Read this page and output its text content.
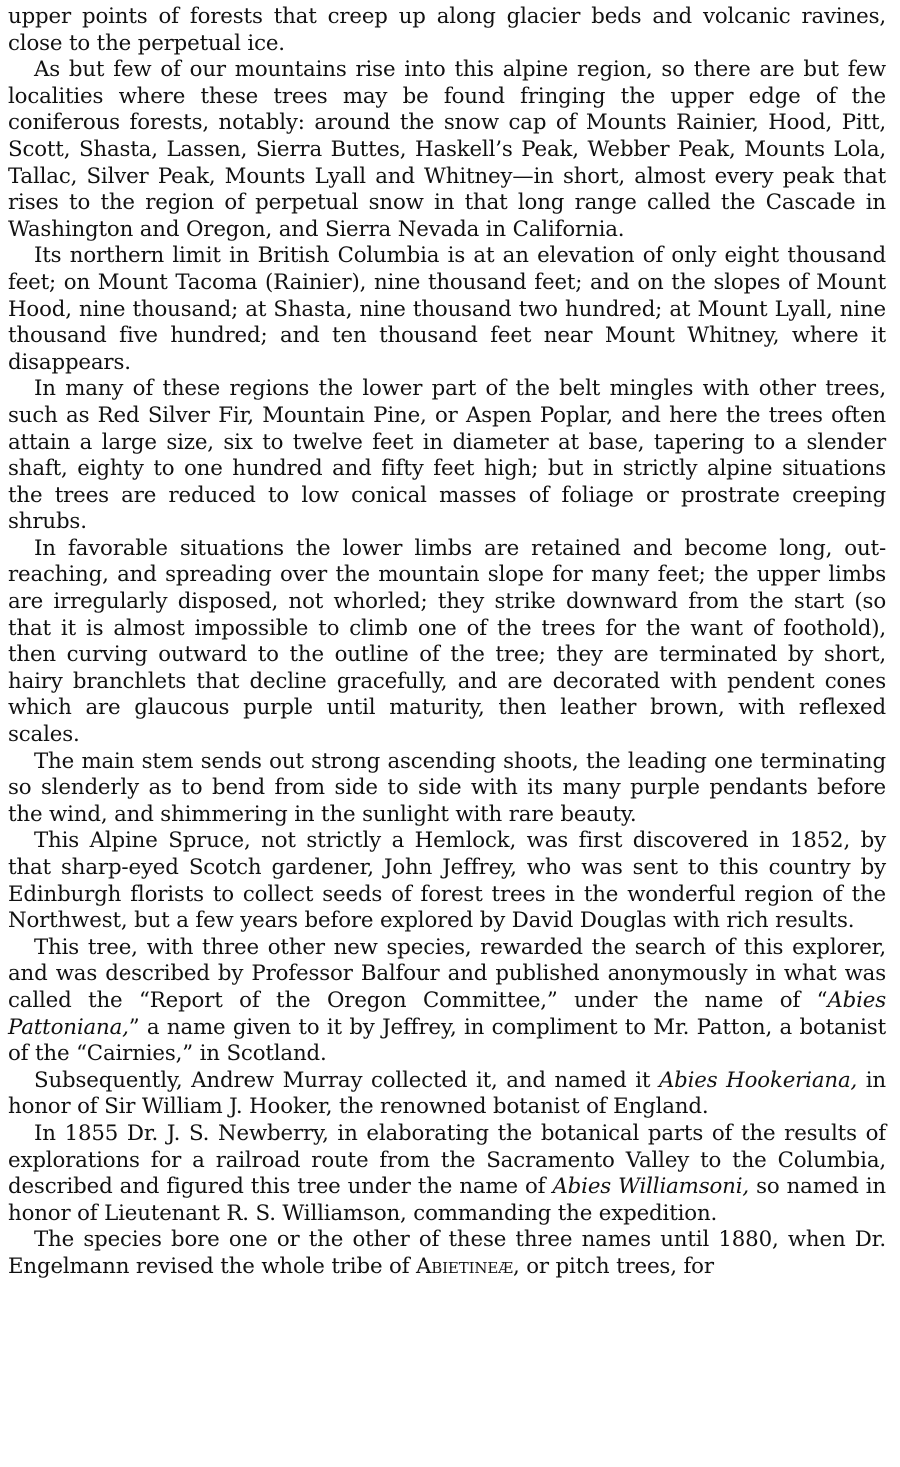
upper points of forests that creep up along glacier beds and volcanic ravines, close to the perpetual ice.

As but few of our mountains rise into this alpine region, so there are but few localities where these trees may be found fringing the upper edge of the coniferous forests, notably: around the snow cap of Mounts Rainier, Hood, Pitt, Scott, Shasta, Lassen, Sierra Buttes, Haskell’s Peak, Webber Peak, Mounts Lola, Tallac, Silver Peak, Mounts Lyall and Whitney—in short, almost every peak that rises to the region of perpetual snow in that long range called the Cascade in Washington and Oregon, and Sierra Nevada in California.

Its northern limit in British Columbia is at an elevation of only eight thousand feet; on Mount Tacoma (Rainier), nine thousand feet; and on the slopes of Mount Hood, nine thousand; at Shasta, nine thousand two hundred; at Mount Lyall, nine thousand five hundred; and ten thousand feet near Mount Whitney, where it disappears.

In many of these regions the lower part of the belt mingles with other trees, such as Red Silver Fir, Mountain Pine, or Aspen Poplar, and here the trees often attain a large size, six to twelve feet in diameter at base, tapering to a slender shaft, eighty to one hundred and fifty feet high; but in strictly alpine situations the trees are reduced to low conical masses of foliage or prostrate creeping shrubs.

In favorable situations the lower limbs are retained and become long, out-reaching, and spreading over the mountain slope for many feet; the upper limbs are irregularly disposed, not whorled; they strike downward from the start (so that it is almost impossible to climb one of the trees for the want of foothold), then curving outward to the outline of the tree; they are terminated by short, hairy branchlets that decline gracefully, and are decorated with pendent cones which are glaucous purple until maturity, then leather brown, with reflexed scales.

The main stem sends out strong ascending shoots, the leading one terminating so slenderly as to bend from side to side with its many purple pendants before the wind, and shimmering in the sunlight with rare beauty.

This Alpine Spruce, not strictly a Hemlock, was first discovered in 1852, by that sharp-eyed Scotch gardener, John Jeffrey, who was sent to this country by Edinburgh florists to collect seeds of forest trees in the wonderful region of the Northwest, but a few years before explored by David Douglas with rich results.

This tree, with three other new species, rewarded the search of this explorer, and was described by Professor Balfour and published anonymously in what was called the “Report of the Oregon Committee,” under the name of “Abies Pattoniana,” a name given to it by Jeffrey, in compliment to Mr. Patton, a botanist of the “Cairnies,” in Scotland.

Subsequently, Andrew Murray collected it, and named it Abies Hookeriana, in honor of Sir William J. Hooker, the renowned botanist of England.

In 1855 Dr. J. S. Newberry, in elaborating the botanical parts of the results of explorations for a railroad route from the Sacramento Valley to the Columbia, described and figured this tree under the name of Abies Williamsoni, so named in honor of Lieutenant R. S. Williamson, commanding the expedition.

The species bore one or the other of these three names until 1880, when Dr. Engelmann revised the whole tribe of Abietineæ, or pitch trees, for
